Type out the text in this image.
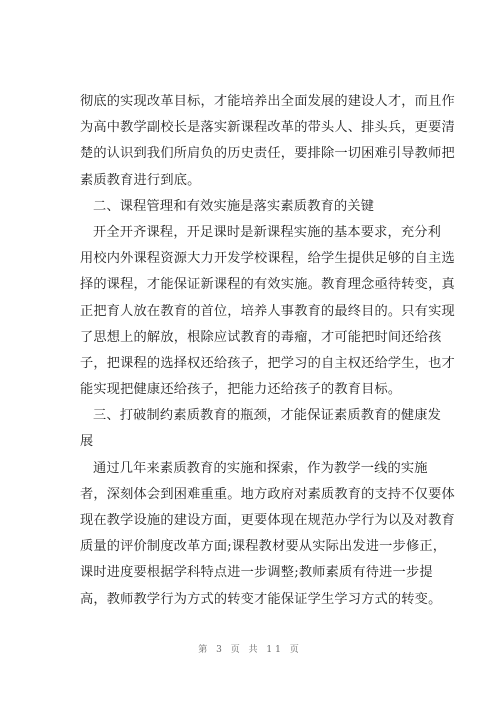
彻底的实现改革目标，才能培养出全面发展的建设人才，而且作
为高中教学副校长是落实新课程改革的带头人、排头兵，更要清
楚的认识到我们所肩负的历史责任，要排除一切困难引导教师把
素质教育进行到底。
二、课程管理和有效实施是落实素质教育的关键
开全开齐课程，开足课时是新课程实施的基本要求，充分利
用校内外课程资源大力开发学校课程，给学生提供足够的自主选
择的课程，才能保证新课程的有效实施。教育理念亟待转变，真
正把育人放在教育的首位，培养人事教育的最终目的。只有实现
了思想上的解放，根除应试教育的毒瘤，才可能把时间还给孩
子，把课程的选择权还给孩子，把学习的自主权还给学生，也才
能实现把健康还给孩子，把能力还给孩子的教育目标。
三、打破制约素质教育的瓶颈，才能保证素质教育的健康发
展
通过几年来素质教育的实施和探索，作为教学一线的实施
者，深刻体会到困难重重。地方政府对素质教育的支持不仅要体
现在教学设施的建设方面，更要体现在规范办学行为以及对教育
质量的评价制度改革方面;课程教材要从实际出发进一步修正，
课时进度要根据学科特点进一步调整;教师素质有待进一步提
高，教师教学行为方式的转变才能保证学生学习方式的转变。
第 3 页 共 11 页
